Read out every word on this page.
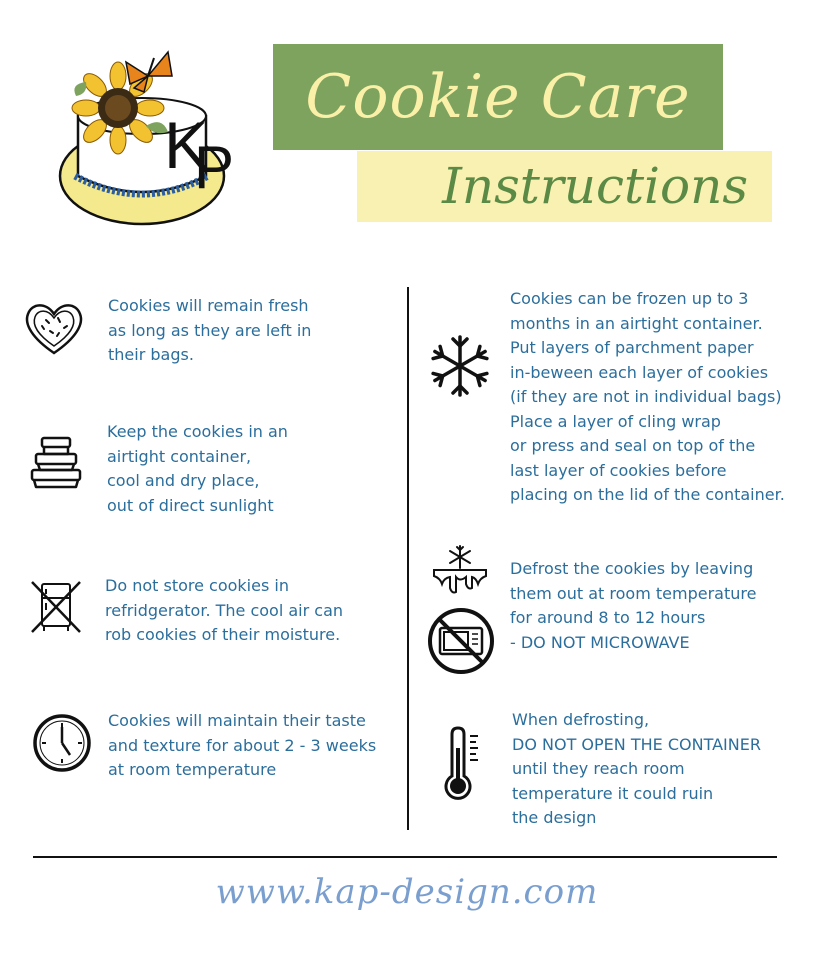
K
P
Cookie Care
Instructions

Cookies will remain fresh
as long as they are left in
their bags.

Keep the cookies in an
airtight container,
cool and dry place,
out of direct sunlight

Do not store cookies in
refridgerator. The cool air can
rob cookies of their moisture.

Cookies will maintain their taste
and texture for about 2 - 3 weeks
at room temperature

Cookies can be frozen up to 3
months in an airtight container.
Put layers of parchment paper
in-beween each layer of cookies
(if they are not in individual bags)
Place a layer of cling wrap
or press and seal on top of the
last layer of cookies before
placing on the lid of the container.

Defrost the cookies by leaving
them out at room temperature
for around 8 to 12 hours
- DO NOT MICROWAVE

When defrosting,
DO NOT OPEN THE CONTAINER
until they reach room
temperature it could ruin
the design

www.kap-design.com
